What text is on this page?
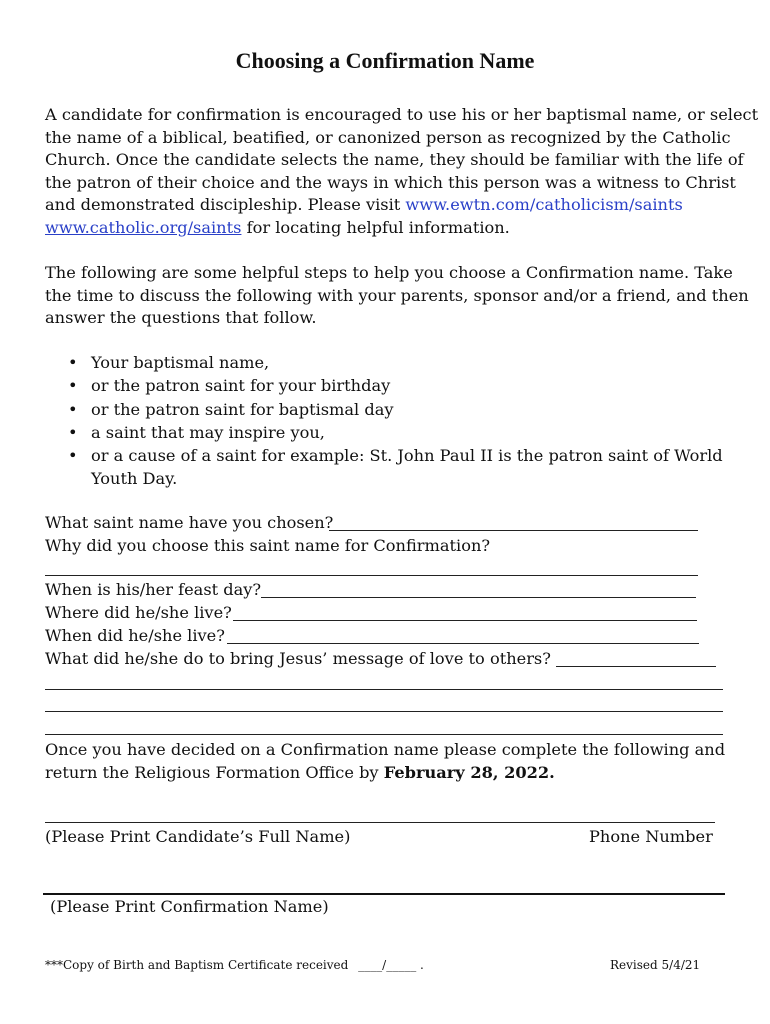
Choosing a Confirmation Name
A candidate for confirmation is encouraged to use his or her baptismal name, or select
the name of a biblical, beatified, or canonized person as recognized by the Catholic
Church. Once the candidate selects the name, they should be familiar with the life of
the patron of their choice and the ways in which this person was a witness to Christ
and demonstrated discipleship. Please visit www.ewtn.com/catholicism/saints
www.catholic.org/saints for locating helpful information.
The following are some helpful steps to help you choose a Confirmation name. Take
the time to discuss the following with your parents, sponsor and/or a friend, and then
answer the questions that follow.
• Your baptismal name,
• or the patron saint for your birthday
• or the patron saint for baptismal day
• a saint that may inspire you,
• or a cause of a saint for example: St. John Paul II is the patron saint of World
Youth Day.
What saint name have you chosen?
Why did you choose this saint name for Confirmation?
When is his/her feast day?
Where did he/she live?
When did he/she live?
What did he/she do to bring Jesus’ message of love to others?
Once you have decided on a Confirmation name please complete the following and
return the Religious Formation Office by February 28, 2022.
(Please Print Candidate’s Full Name)	Phone Number
(Please Print Confirmation Name)
***Copy of Birth and Baptism Certificate received ____/_____ .	Revised 5/4/21
